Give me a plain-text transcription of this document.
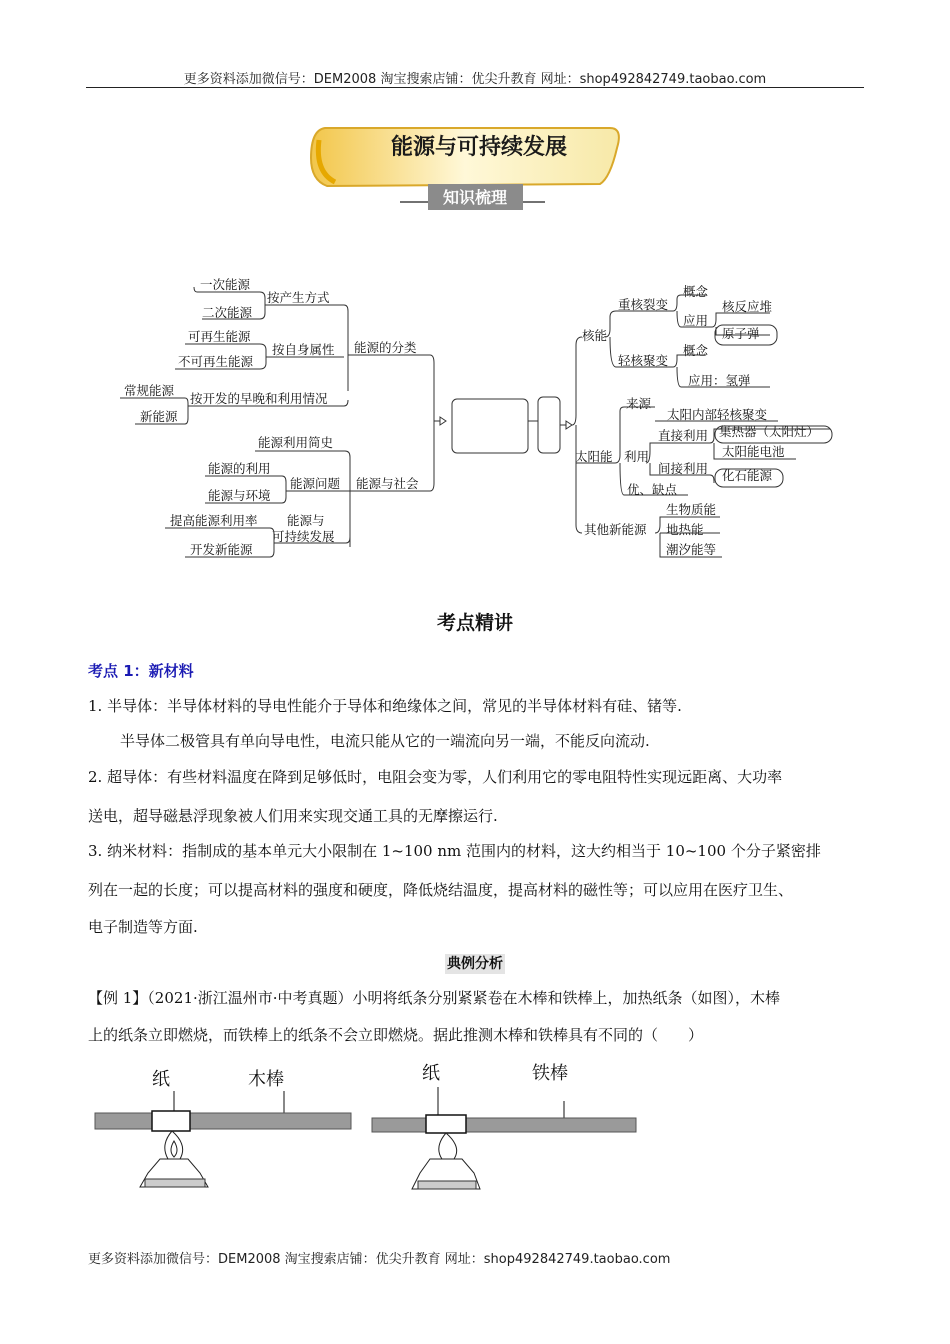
更多资料添加微信号：DEM2008 淘宝搜索店铺：优尖升教育 网址：shop492842749.taobao.com
能源与可持续发展
知识梳理
一次能源
二次能源
按产生方式
可再生能源
不可再生能源
按自身属性 能源的分类
常规能源
新能源
按开发的早晚和利用情况
能源利用简史
能源的利用
能源与环境
能源问题 能源与社会
提高能源利用率
开发新能源
能源与
可持续发展
核能
重核裂变
概念
应用
核反应堆
原子弹
轻核聚变
概念
应用：氢弹
太阳能
来源
太阳内部轻核聚变
利用
直接利用 集热器（太阳灶）
太阳能电池
间接利用 化石能源
优、缺点
其他新能源
生物质能
地热能
潮汐能等
考点精讲
考点 1：新材料
1. 半导体：半导体材料的导电性能介于导体和绝缘体之间，常见的半导体材料有硅、锗等.
半导体二极管具有单向导电性，电流只能从它的一端流向另一端，不能反向流动.
2. 超导体：有些材料温度在降到足够低时，电阻会变为零，人们利用它的零电阻特性实现远距离、大功率
送电，超导磁悬浮现象被人们用来实现交通工具的无摩擦运行.
3. 纳米材料：指制成的基本单元大小限制在 1~100 nm 范围内的材料，这大约相当于 10~100 个分子紧密排
列在一起的长度；可以提高材料的强度和硬度，降低烧结温度，提高材料的磁性等；可以应用在医疗卫生、
电子制造等方面.
典例分析
【例 1】（2021·浙江温州市·中考真题）小明将纸条分别紧紧卷在木棒和铁棒上，加热纸条（如图），木棒
上的纸条立即燃烧，而铁棒上的纸条不会立即燃烧。据此推测木棒和铁棒具有不同的（　　）
纸	木棒	纸	铁棒
更多资料添加微信号：DEM2008 淘宝搜索店铺：优尖升教育 网址：shop492842749.taobao.com
